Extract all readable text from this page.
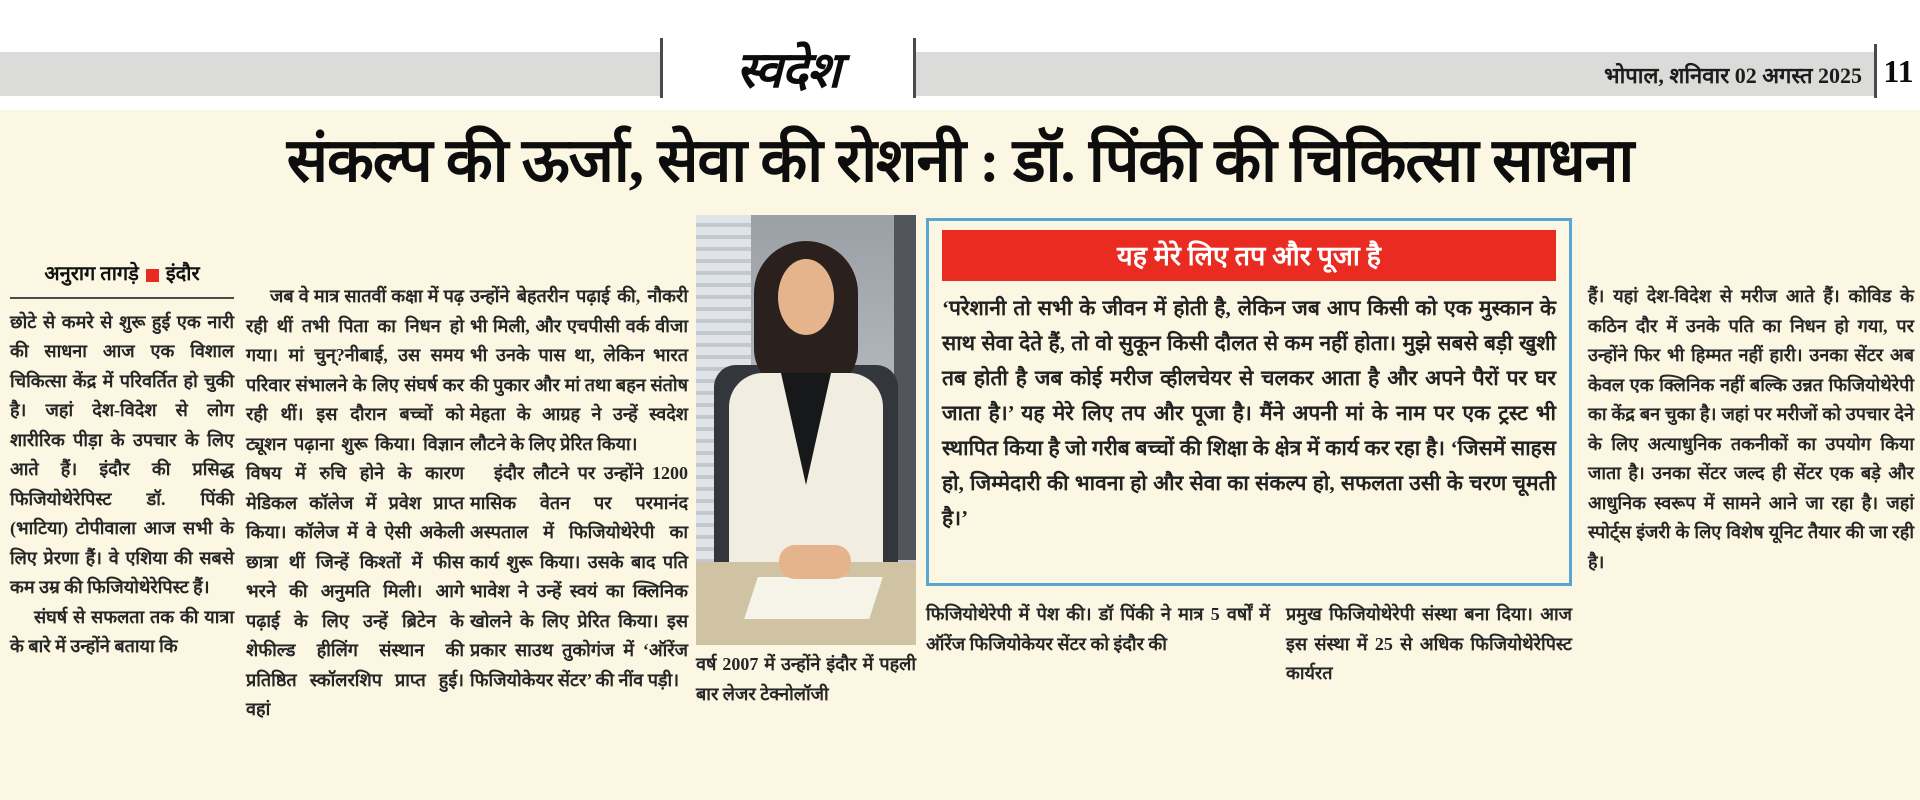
स्वदेश	भोपाल, शनिवार 02 अगस्त 2025 11
संकल्प की ऊर्जा, सेवा की रोशनी : डॉ. पिंकी की चिकित्सा साधना
अनुराग तागड़े इंदौर

छोटे से कमरे से शुरू हुई एक नारी की साधना आज एक विशाल चिकित्सा केंद्र में परिवर्तित हो चुकी है। जहां देश-विदेश से लोग शारीरिक पीड़ा के उपचार के लिए आते हैं। इंदौर की प्रसिद्ध फिजियोथेरेपिस्ट डॉ. पिंकी (भाटिया) टोपीवाला आज सभी के लिए प्रेरणा हैं। वे एशिया की सबसे कम उम्र की फिजियोथेरेपिस्ट हैं।

संघर्ष से सफलता तक की यात्रा के बारे में उन्होंने बताया कि

जब वे मात्र सातवीं कक्षा में पढ़ रही थीं तभी पिता का निधन हो गया। मां चुन्?नीबाई, उस समय परिवार संभालने के लिए संघर्ष कर रही थीं। इस दौरान बच्चों को ट्यूशन पढ़ाना शुरू किया। विज्ञान विषय में रुचि होने के कारण मेडिकल कॉलेज में प्रवेश प्राप्त किया। कॉलेज में वे ऐसी अकेली छात्रा थीं जिन्हें किश्तों में फीस भरने की अनुमति मिली। आगे पढ़ाई के लिए उन्हें ब्रिटेन के शेफील्ड हीलिंग संस्थान की प्रतिष्ठित स्कॉलरशिप प्राप्त हुई। वहां

उन्होंने बेहतरीन पढ़ाई की, नौकरी भी मिली, और एचपीसी वर्क वीजा भी उनके पास था, लेकिन भारत की पुकार और मां तथा बहन संतोष मेहता के आग्रह ने उन्हें स्वदेश लौटने के लिए प्रेरित किया।

इंदौर लौटने पर उन्होंने 1200 मासिक वेतन पर परमानंद अस्पताल में फिजियोथेरेपी का कार्य शुरू किया। उसके बाद पति भावेश ने उन्हें स्वयं का क्लिनिक खोलने के लिए प्रेरित किया। इस प्रकार साउथ तुकोगंज में ‘ऑरेंज फिजियोकेयर सेंटर’ की नींव पड़ी।

वर्ष 2007 में उन्होंने इंदौर में पहली बार लेजर टेक्नोलॉजी

यह मेरे लिए तप और पूजा है
‘परेशानी तो सभी के जीवन में होती है, लेकिन जब आप किसी को एक मुस्कान के साथ सेवा देते हैं, तो वो सुकून किसी दौलत से कम नहीं होता। मुझे सबसे बड़ी खुशी तब होती है जब कोई मरीज व्हीलचेयर से चलकर आता है और अपने पैरों पर घर जाता है।’ यह मेरे लिए तप और पूजा है। मैंने अपनी मां के नाम पर एक ट्रस्ट भी स्थापित किया है जो गरीब बच्चों की शिक्षा के क्षेत्र में कार्य कर रहा है। ‘जिसमें साहस हो, जिम्मेदारी की भावना हो और सेवा का संकल्प हो, सफलता उसी के चरण चूमती है।’

फिजियोथेरेपी में पेश की। डॉ पिंकी ने मात्र 5 वर्षों में ऑरेंज फिजियोकेयर सेंटर को इंदौर की

प्रमुख फिजियोथेरेपी संस्था बना दिया। आज इस संस्था में 25 से अधिक फिजियोथेरेपिस्ट कार्यरत

हैं। यहां देश-विदेश से मरीज आते हैं। कोविड के कठिन दौर में उनके पति का निधन हो गया, पर उन्होंने फिर भी हिम्मत नहीं हारी। उनका सेंटर अब केवल एक क्लिनिक नहीं बल्कि उन्नत फिजियोथेरेपी का केंद्र बन चुका है। जहां पर मरीजों को उपचार देने के लिए अत्याधुनिक तकनीकों का उपयोग किया जाता है। उनका सेंटर जल्द ही सेंटर एक बड़े और आधुनिक स्वरूप में सामने आने जा रहा है। जहां स्पोर्ट्स इंजरी के लिए विशेष यूनिट तैयार की जा रही है।
